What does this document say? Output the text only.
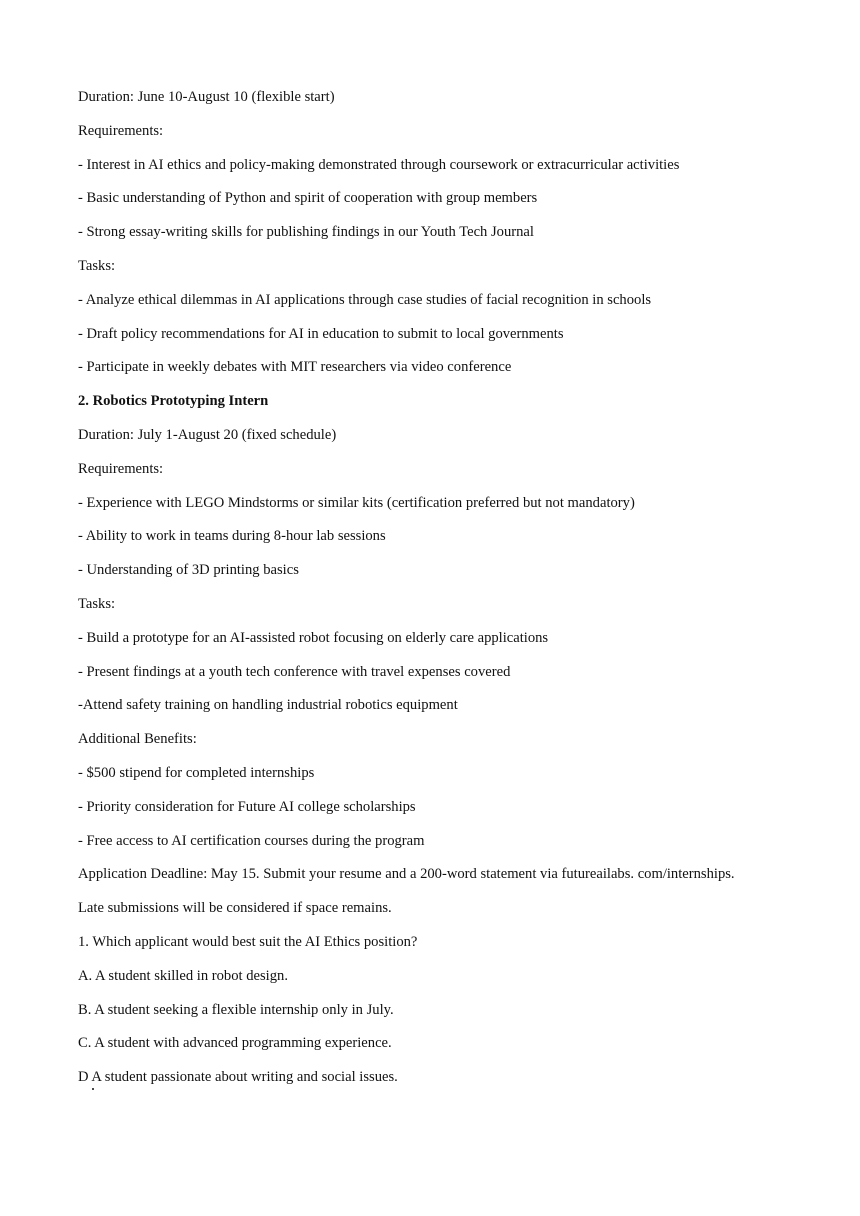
Duration: June 10-August 10 (flexible start)
Requirements:
- Interest in AI ethics and policy-making demonstrated through coursework or extracurricular activities
- Basic understanding of Python and spirit of cooperation with group members
- Strong essay-writing skills for publishing findings in our Youth Tech Journal
Tasks:
- Analyze ethical dilemmas in AI applications through case studies of facial recognition in schools
- Draft policy recommendations for AI in education to submit to local governments
- Participate in weekly debates with MIT researchers via video conference
2. Robotics Prototyping Intern
Duration: July 1-August 20 (fixed schedule)
Requirements:
- Experience with LEGO Mindstorms or similar kits (certification preferred but not mandatory)
- Ability to work in teams during 8-hour lab sessions
- Understanding of 3D printing basics
Tasks:
- Build a prototype for an AI-assisted robot focusing on elderly care applications
- Present findings at a youth tech conference with travel expenses covered
-Attend safety training on handling industrial robotics equipment
Additional Benefits:
- $500 stipend for completed internships
- Priority consideration for Future AI college scholarships
- Free access to AI certification courses during the program
Application Deadline: May 15. Submit your resume and a 200-word statement via futureailabs. com/internships.
Late submissions will be considered if space remains.
1. Which applicant would best suit the AI Ethics position?
A. A student skilled in robot design.
B. A student seeking a flexible internship only in July.
C. A student with advanced programming experience.
D A student passionate about writing and social issues.
